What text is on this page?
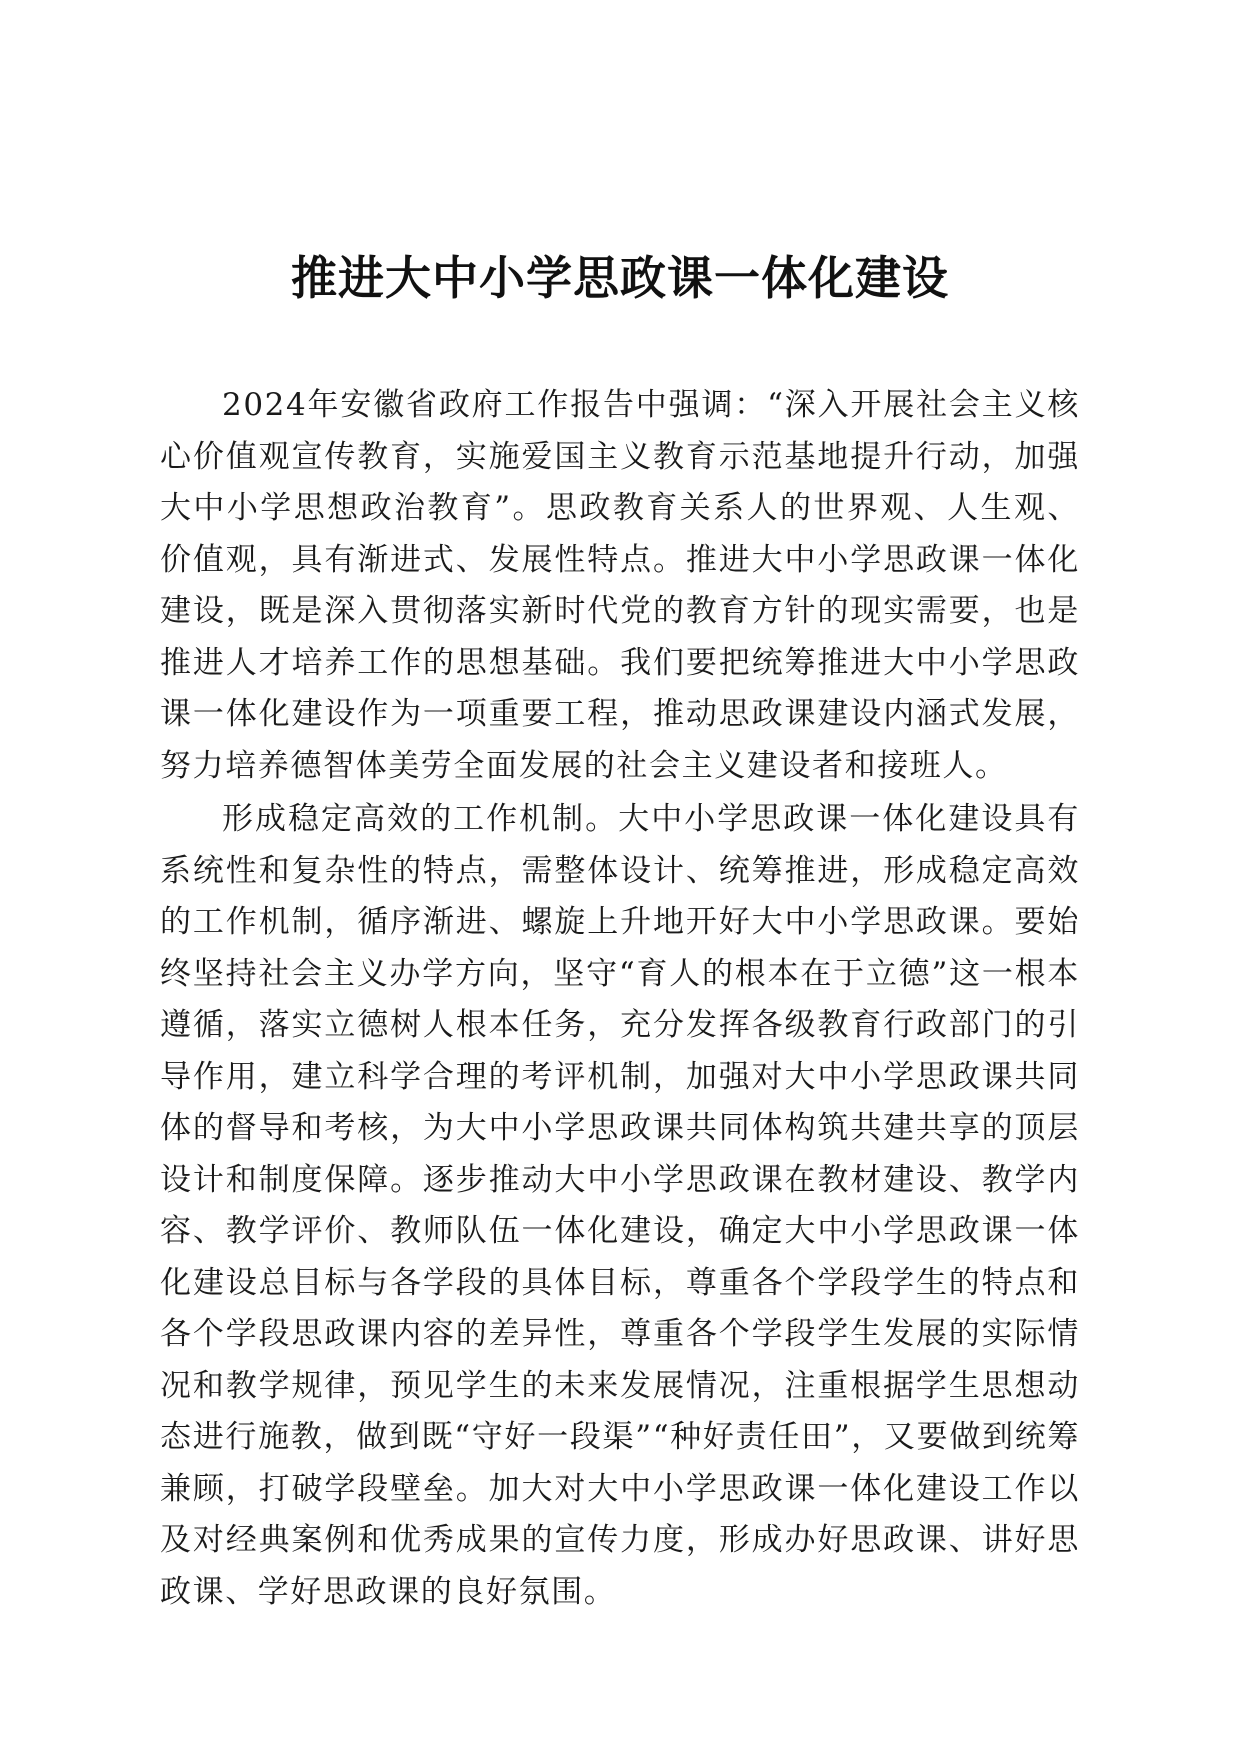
推进大中小学思政课一体化建设

2024年安徽省政府工作报告中强调：“深入开展社会主义核心价值观宣传教育，实施爱国主义教育示范基地提升行动，加强大中小学思想政治教育”。思政教育关系人的世界观、人生观、价值观，具有渐进式、发展性特点。推进大中小学思政课一体化建设，既是深入贯彻落实新时代党的教育方针的现实需要，也是推进人才培养工作的思想基础。我们要把统筹推进大中小学思政课一体化建设作为一项重要工程，推动思政课建设内涵式发展，努力培养德智体美劳全面发展的社会主义建设者和接班人。

形成稳定高效的工作机制。大中小学思政课一体化建设具有系统性和复杂性的特点，需整体设计、统筹推进，形成稳定高效的工作机制，循序渐进、螺旋上升地开好大中小学思政课。要始终坚持社会主义办学方向，坚守“育人的根本在于立德”这一根本遵循，落实立德树人根本任务，充分发挥各级教育行政部门的引导作用，建立科学合理的考评机制，加强对大中小学思政课共同体的督导和考核，为大中小学思政课共同体构筑共建共享的顶层设计和制度保障。逐步推动大中小学思政课在教材建设、教学内容、教学评价、教师队伍一体化建设，确定大中小学思政课一体化建设总目标与各学段的具体目标，尊重各个学段学生的特点和各个学段思政课内容的差异性，尊重各个学段学生发展的实际情况和教学规律，预见学生的未来发展情况，注重根据学生思想动态进行施教，做到既“守好一段渠”“种好责任田”，又要做到统筹兼顾，打破学段壁垒。加大对大中小学思政课一体化建设工作以及对经典案例和优秀成果的宣传力度，形成办好思政课、讲好思政课、学好思政课的良好氛围。
